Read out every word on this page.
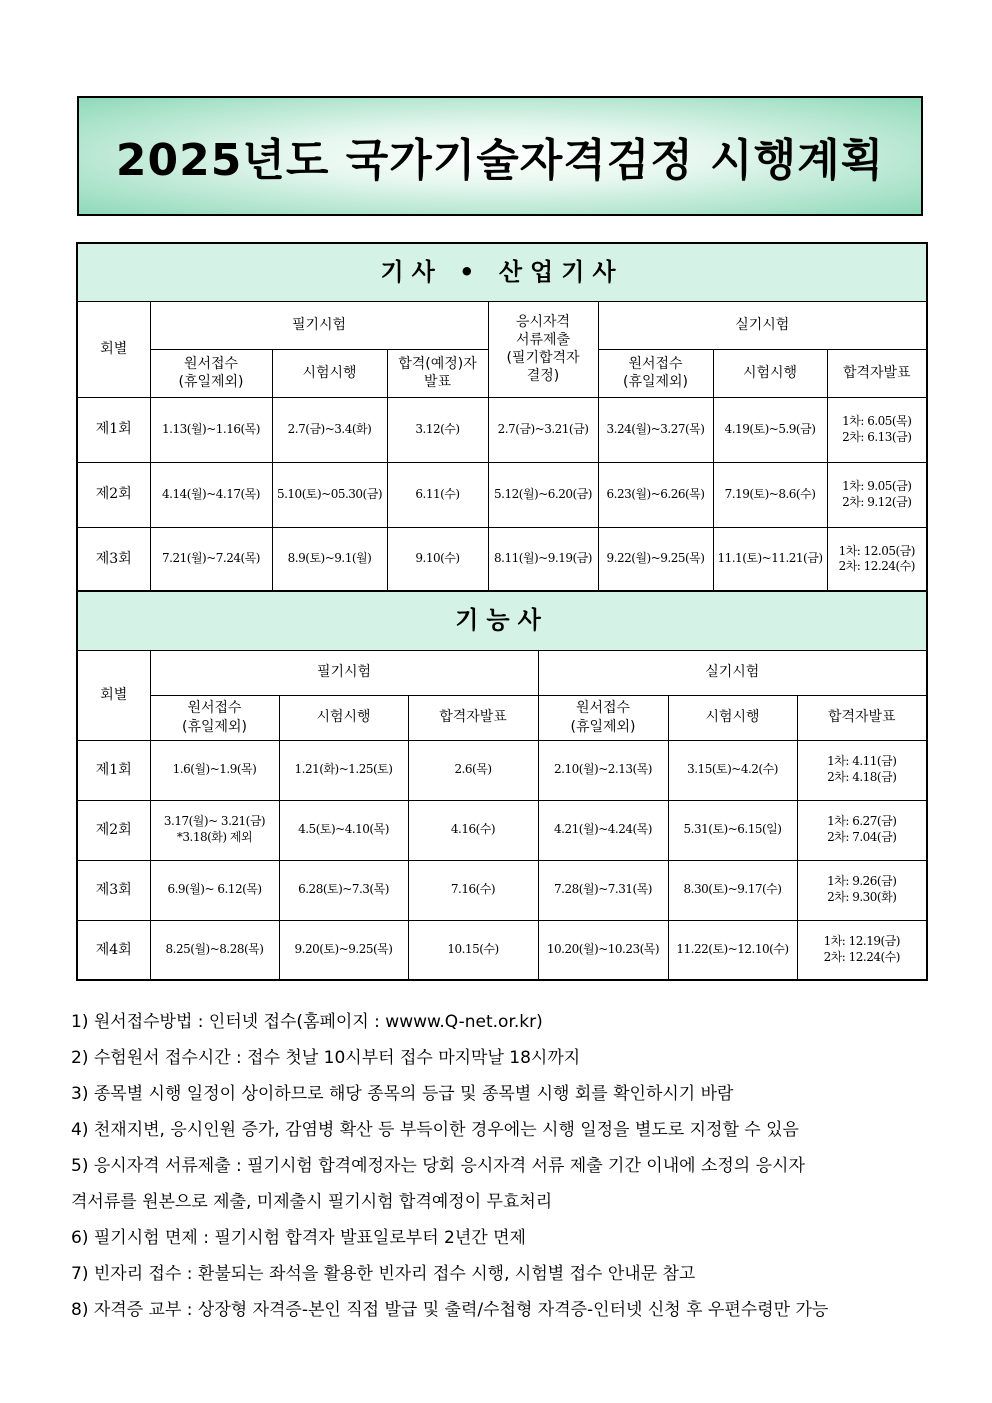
2025년도 국가기술자격검정 시행계획
기사 • 산업기사							
회별	필기시험			응시자격
서류제출
(필기합격자
결정)	실기시험		

	원서접수
(휴일제외)	시험시행	합격(예정)자
발표		원서접수
(휴일제외)	시험시행	합격자발표
제1회	1.13(월)~1.16(목)	2.7(금)~3.4(화)	3.12(수)	2.7(금)~3.21(금)	3.24(월)~3.27(목)	4.19(토)~5.9(금)	1차: 6.05(목)
2차: 6.13(금)

제2회	4.14(월)~4.17(목)	5.10(토)~05.30(금)	6.11(수)	5.12(월)~6.20(금)	6.23(월)~6.26(목)	7.19(토)~8.6(수)	1차: 9.05(금)
2차: 9.12(금)

제3회	7.21(월)~7.24(목)	8.9(토)~9.1(월)	9.10(수)	8.11(월)~9.19(금)	9.22(월)~9.25(목)	11.1(토)~11.21(금)	1차: 12.05(금)
2차: 12.24(수)
기능사						
회별	필기시험			실기시험		

	원서접수
(휴일제외)	시험시행	합격자발표	원서접수
(휴일제외)	시험시행	합격자발표
제1회	1.6(월)~1.9(목)	1.21(화)~1.25(토)	2.6(목)	2.10(월)~2.13(목)	3.15(토)~4.2(수)	1차: 4.11(금)
2차: 4.18(금)

제2회	3.17(월)~ 3.21(금)
*3.18(화) 제외	4.5(토)~4.10(목)	4.16(수)	4.21(월)~4.24(목)	5.31(토)~6.15(일)	1차: 6.27(금)
2차: 7.04(금)

제3회	6.9(월)~ 6.12(목)	6.28(토)~7.3(목)	7.16(수)	7.28(월)~7.31(목)	8.30(토)~9.17(수)	1차: 9.26(금)
2차: 9.30(화)

제4회	8.25(월)~8.28(목)	9.20(토)~9.25(목)	10.15(수)	10.20(월)~10.23(목)	11.22(토)~12.10(수)	1차: 12.19(금)
2차: 12.24(수)

1) 원서접수방법 : 인터넷 접수(홈페이지 : wwww.Q-net.or.kr)

2) 수험원서 접수시간 : 접수 첫날 10시부터 접수 마지막날 18시까지

3) 종목별 시행 일정이 상이하므로 해당 종목의 등급 및 종목별 시행 회를 확인하시기 바람

4) 천재지변, 응시인원 증가, 감염병 확산 등 부득이한 경우에는 시행 일정을 별도로 지정할 수 있음

5) 응시자격 서류제출 : 필기시험 합격예정자는 당회 응시자격 서류 제출 기간 이내에 소정의 응시자

격서류를 원본으로 제출, 미제출시 필기시험 합격예정이 무효처리

6) 필기시험 면제 : 필기시험 합격자 발표일로부터 2년간 면제

7) 빈자리 접수 : 환불되는 좌석을 활용한 빈자리 접수 시행, 시험별 접수 안내문 참고

8) 자격증 교부 : 상장형 자격증-본인 직접 발급 및 출력/수첩형 자격증-인터넷 신청 후 우편수령만 가능
